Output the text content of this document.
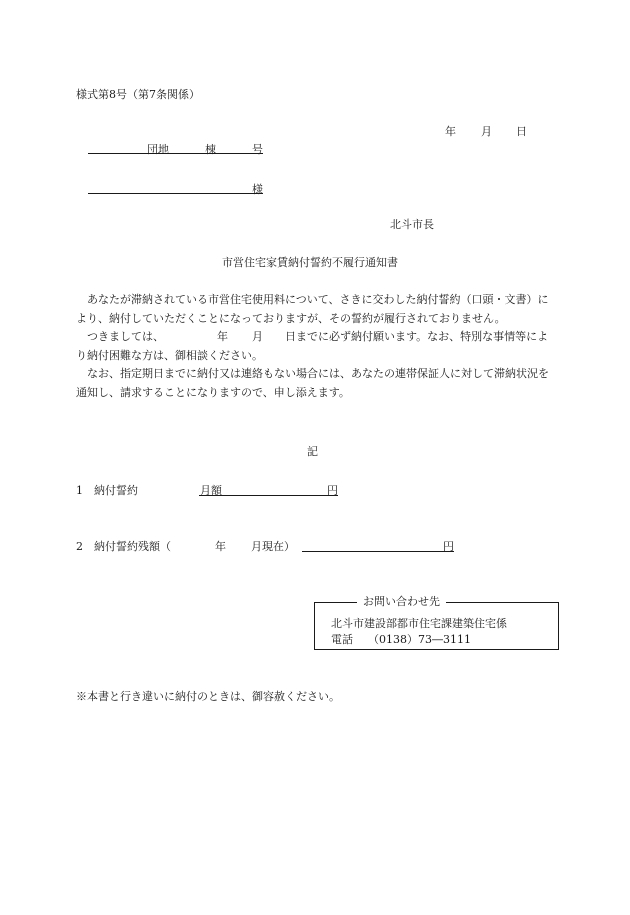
様式第8号（第7条関係）
年 月 日
団地	棟	号
様
北斗市長
市営住宅家賃納付誓約不履行通知書

あなたが滞納されている市営住宅使用料について、さきに交わした納付誓約（口頭・文書）により、納付していただくことになっておりますが、その誓約が履行されておりません。

つきましては、	年 月 日までに必ず納付願います。なお、特別な事情等により納付困難な方は、御相談ください。

なお、指定期日までに納付又は連絡もない場合には、あなたの連帯保証人に対して滞納状況を通知し、請求することになりますので、申し添えます。

記
1　納付誓約	月額	円
2　納付誓約残額（	年 月現在）	円
お問い合わせ先
北斗市建設部都市住宅課建築住宅係
電話 （0138）73―3111
※本書と行き違いに納付のときは、御容赦ください。
